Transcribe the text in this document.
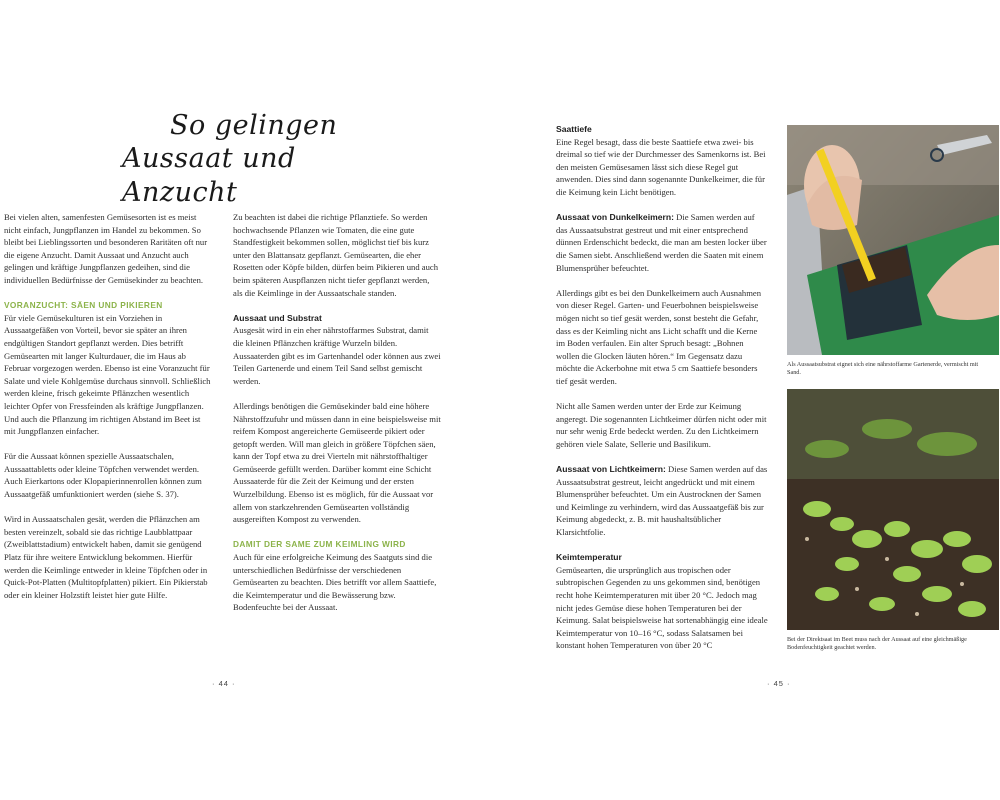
So gelingen
Aussaat und Anzucht

Bei vielen alten, samenfesten Gemüsesorten ist es meist nicht einfach, Jungpflanzen im Handel zu bekommen. So bleibt bei Lieblingssorten und besonderen Raritäten oft nur die eigene Anzucht. Damit Aussaat und Anzucht auch gelingen und kräftige Jungpflanzen gedeihen, sind die individuellen Bedürfnisse der Gemüsekinder zu beachten.

VORANZUCHT: SÄEN UND PIKIEREN

Für viele Gemüsekulturen ist ein Vorziehen in Aussaatgefäßen von Vorteil, bevor sie später an ihren endgültigen Standort gepflanzt werden. Dies betrifft Gemüsearten mit langer Kulturdauer, die im Haus ab Februar vorgezogen werden. Ebenso ist eine Voranzucht für Salate und viele Kohlgemüse durchaus sinnvoll. Schließlich werden kleine, frisch gekeimte Pflänzchen wesentlich leichter Opfer von Fressfeinden als kräftige Jungpflanzen. Und auch die Pflanzung im richtigen Abstand im Beet ist mit Jungpflanzen einfacher.

Für die Aussaat können spezielle Aussaatschalen, Aussaattabletts oder kleine Töpfchen verwendet werden. Auch Eierkartons oder Klopapierinnenrollen können zum Aussaatgefäß umfunktioniert werden (siehe S. 37).

Wird in Aussaatschalen gesät, werden die Pflänzchen am besten vereinzelt, sobald sie das richtige Laubblattpaar (Zweiblattstadium) entwickelt haben, damit sie genügend Platz für ihre weitere Entwicklung bekommen. Hierfür werden die Keimlinge entweder in kleine Töpfchen oder in Quick-Pot-Platten (Multitopfplatten) pikiert. Ein Pikierstab oder ein kleiner Holzstift leistet hier gute Hilfe.

Zu beachten ist dabei die richtige Pflanztiefe. So werden hochwachsende Pflanzen wie Tomaten, die eine gute Standfestigkeit bekommen sollen, möglichst tief bis kurz unter den Blattansatz gepflanzt. Gemüsearten, die eher Rosetten oder Köpfe bilden, dürfen beim Pikieren und auch beim späteren Auspflanzen nicht tiefer gepflanzt werden, als die Keimlinge in der Aussaatschale standen.

Aussaat und Substrat

Ausgesät wird in ein eher nährstoffarmes Substrat, damit die kleinen Pflänzchen kräftige Wurzeln bilden. Aussaaterden gibt es im Gartenhandel oder können aus zwei Teilen Gartenerde und einem Teil Sand selbst gemischt werden.

Allerdings benötigen die Gemüsekinder bald eine höhere Nährstoffzufuhr und müssen dann in eine beispielsweise mit reifem Kompost angereicherte Gemüseerde pikiert oder getopft werden. Will man gleich in größere Töpfchen säen, kann der Topf etwa zu drei Vierteln mit nährstoffhaltiger Gemüseerde gefüllt werden. Darüber kommt eine Schicht Aussaaterde für die Zeit der Keimung und der ersten Wurzelbildung. Ebenso ist es möglich, für die Aussaat vor allem von starkzehrenden Gemüsearten vollständig ausgereiften Kompost zu verwenden.

DAMIT DER SAME ZUM KEIMLING WIRD

Auch für eine erfolgreiche Keimung des Saatguts sind die unterschiedlichen Bedürfnisse der verschiedenen Gemüsearten zu beachten. Dies betrifft vor allem Saattiefe, die Keimtemperatur und die Bewässerung bzw. Bodenfeuchte bei der Aussaat.

· 44 ·

Saattiefe

Eine Regel besagt, dass die beste Saattiefe etwa zwei- bis dreimal so tief wie der Durchmesser des Samenkorns ist. Bei den meisten Gemüsesamen lässt sich diese Regel gut anwenden. Dies sind dann sogenannte Dunkelkeimer, die für die Keimung kein Licht benötigen.

Aussaat von Dunkelkeimern: Die Samen werden auf das Aussaatsubstrat gestreut und mit einer entsprechend dünnen Erdenschicht bedeckt, die man am besten locker über die Samen siebt. Anschließend werden die Saaten mit einem Blumensprüher befeuchtet.

Allerdings gibt es bei den Dunkelkeimern auch Ausnahmen von dieser Regel. Garten- und Feuerbohnen beispielsweise mögen nicht so tief gesät werden, sonst besteht die Gefahr, dass es der Keimling nicht ans Licht schafft und die Kerne im Boden verfaulen. Ein alter Spruch besagt: „Bohnen wollen die Glocken läuten hören.“ Im Gegensatz dazu möchte die Ackerbohne mit etwa 5 cm Saattiefe besonders tief gesät werden.

Nicht alle Samen werden unter der Erde zur Keimung angeregt. Die sogenannten Lichtkeimer dürfen nicht oder mit nur sehr wenig Erde bedeckt werden. Zu den Lichtkeimern gehören viele Salate, Sellerie und Basilikum.

Aussaat von Lichtkeimern: Diese Samen werden auf das Aussaatsubstrat gestreut, leicht angedrückt und mit einem Blumensprüher befeuchtet. Um ein Austrocknen der Samen und Keimlinge zu verhindern, wird das Aussaatgefäß bis zur Keimung abgedeckt, z. B. mit haushaltsüblicher Klarsichtfolie.

Keimtemperatur

Gemüsearten, die ursprünglich aus tropischen oder subtropischen Gegenden zu uns gekommen sind, benötigen recht hohe Keimtemperaturen mit über 20 °C. Jedoch mag nicht jedes Gemüse diese hohen Temperaturen bei der Keimung. Salat beispielsweise hat sortenabhängig eine ideale Keimtemperatur von 10–16 °C, sodass Salatsamen bei konstant hohen Temperaturen von über 20 °C

· 45 ·
Als Aussaatsubstrat eignet sich eine nährstoffarme Gartenerde, vermischt mit Sand.
Bei der Direktsaat im Beet muss nach der Aussaat auf eine gleichmäßige Bodenfeuchtigkeit geachtet werden.
